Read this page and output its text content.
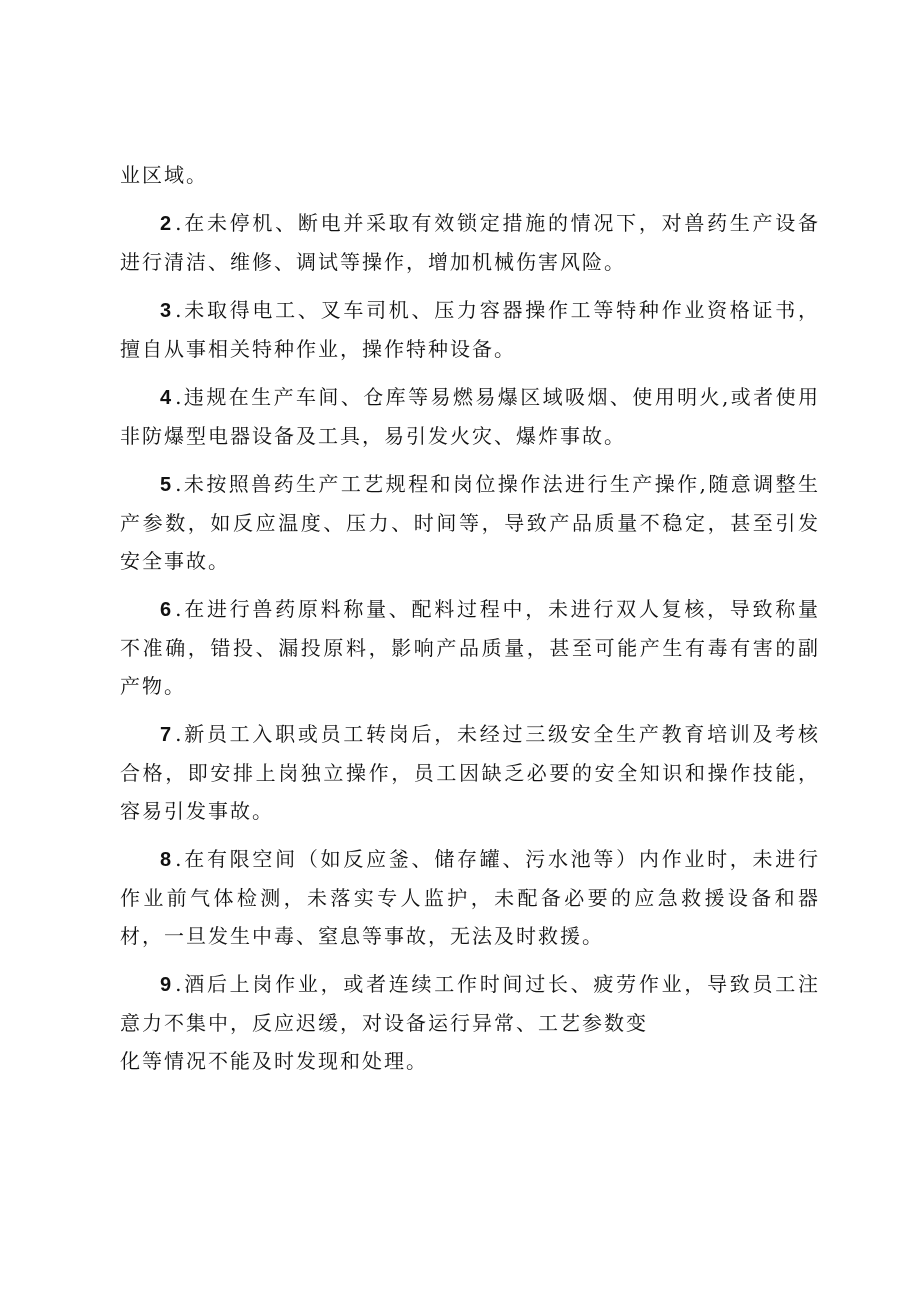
业区域。

2 .在未停机、断电并采取有效锁定措施的情况下，对兽药生产设备进行清洁、维修、调试等操作，增加机械伤害风险。

3 .未取得电工、叉车司机、压力容器操作工等特种作业资格证书，擅自从事相关特种作业，操作特种设备。

4 .违规在生产车间、仓库等易燃易爆区域吸烟、使用明火,或者使用非防爆型电器设备及工具，易引发火灾、爆炸事故。

5 .未按照兽药生产工艺规程和岗位操作法进行生产操作,随意调整生产参数，如反应温度、压力、时间等，导致产品质量不稳定，甚至引发安全事故。

6 .在进行兽药原料称量、配料过程中，未进行双人复核，导致称量不准确，错投、漏投原料，影响产品质量，甚至可能产生有毒有害的副产物。

7 .新员工入职或员工转岗后，未经过三级安全生产教育培训及考核合格，即安排上岗独立操作，员工因缺乏必要的安全知识和操作技能，容易引发事故。

8 .在有限空间（如反应釜、储存罐、污水池等）内作业时，未进行作业前气体检测，未落实专人监护，未配备必要的应急救援设备和器材，一旦发生中毒、窒息等事故，无法及时救援。

9 .酒后上岗作业，或者连续工作时间过长、疲劳作业，导致员工注意力不集中，反应迟缓，对设备运行异常、工艺参数变
化等情况不能及时发现和处理。
